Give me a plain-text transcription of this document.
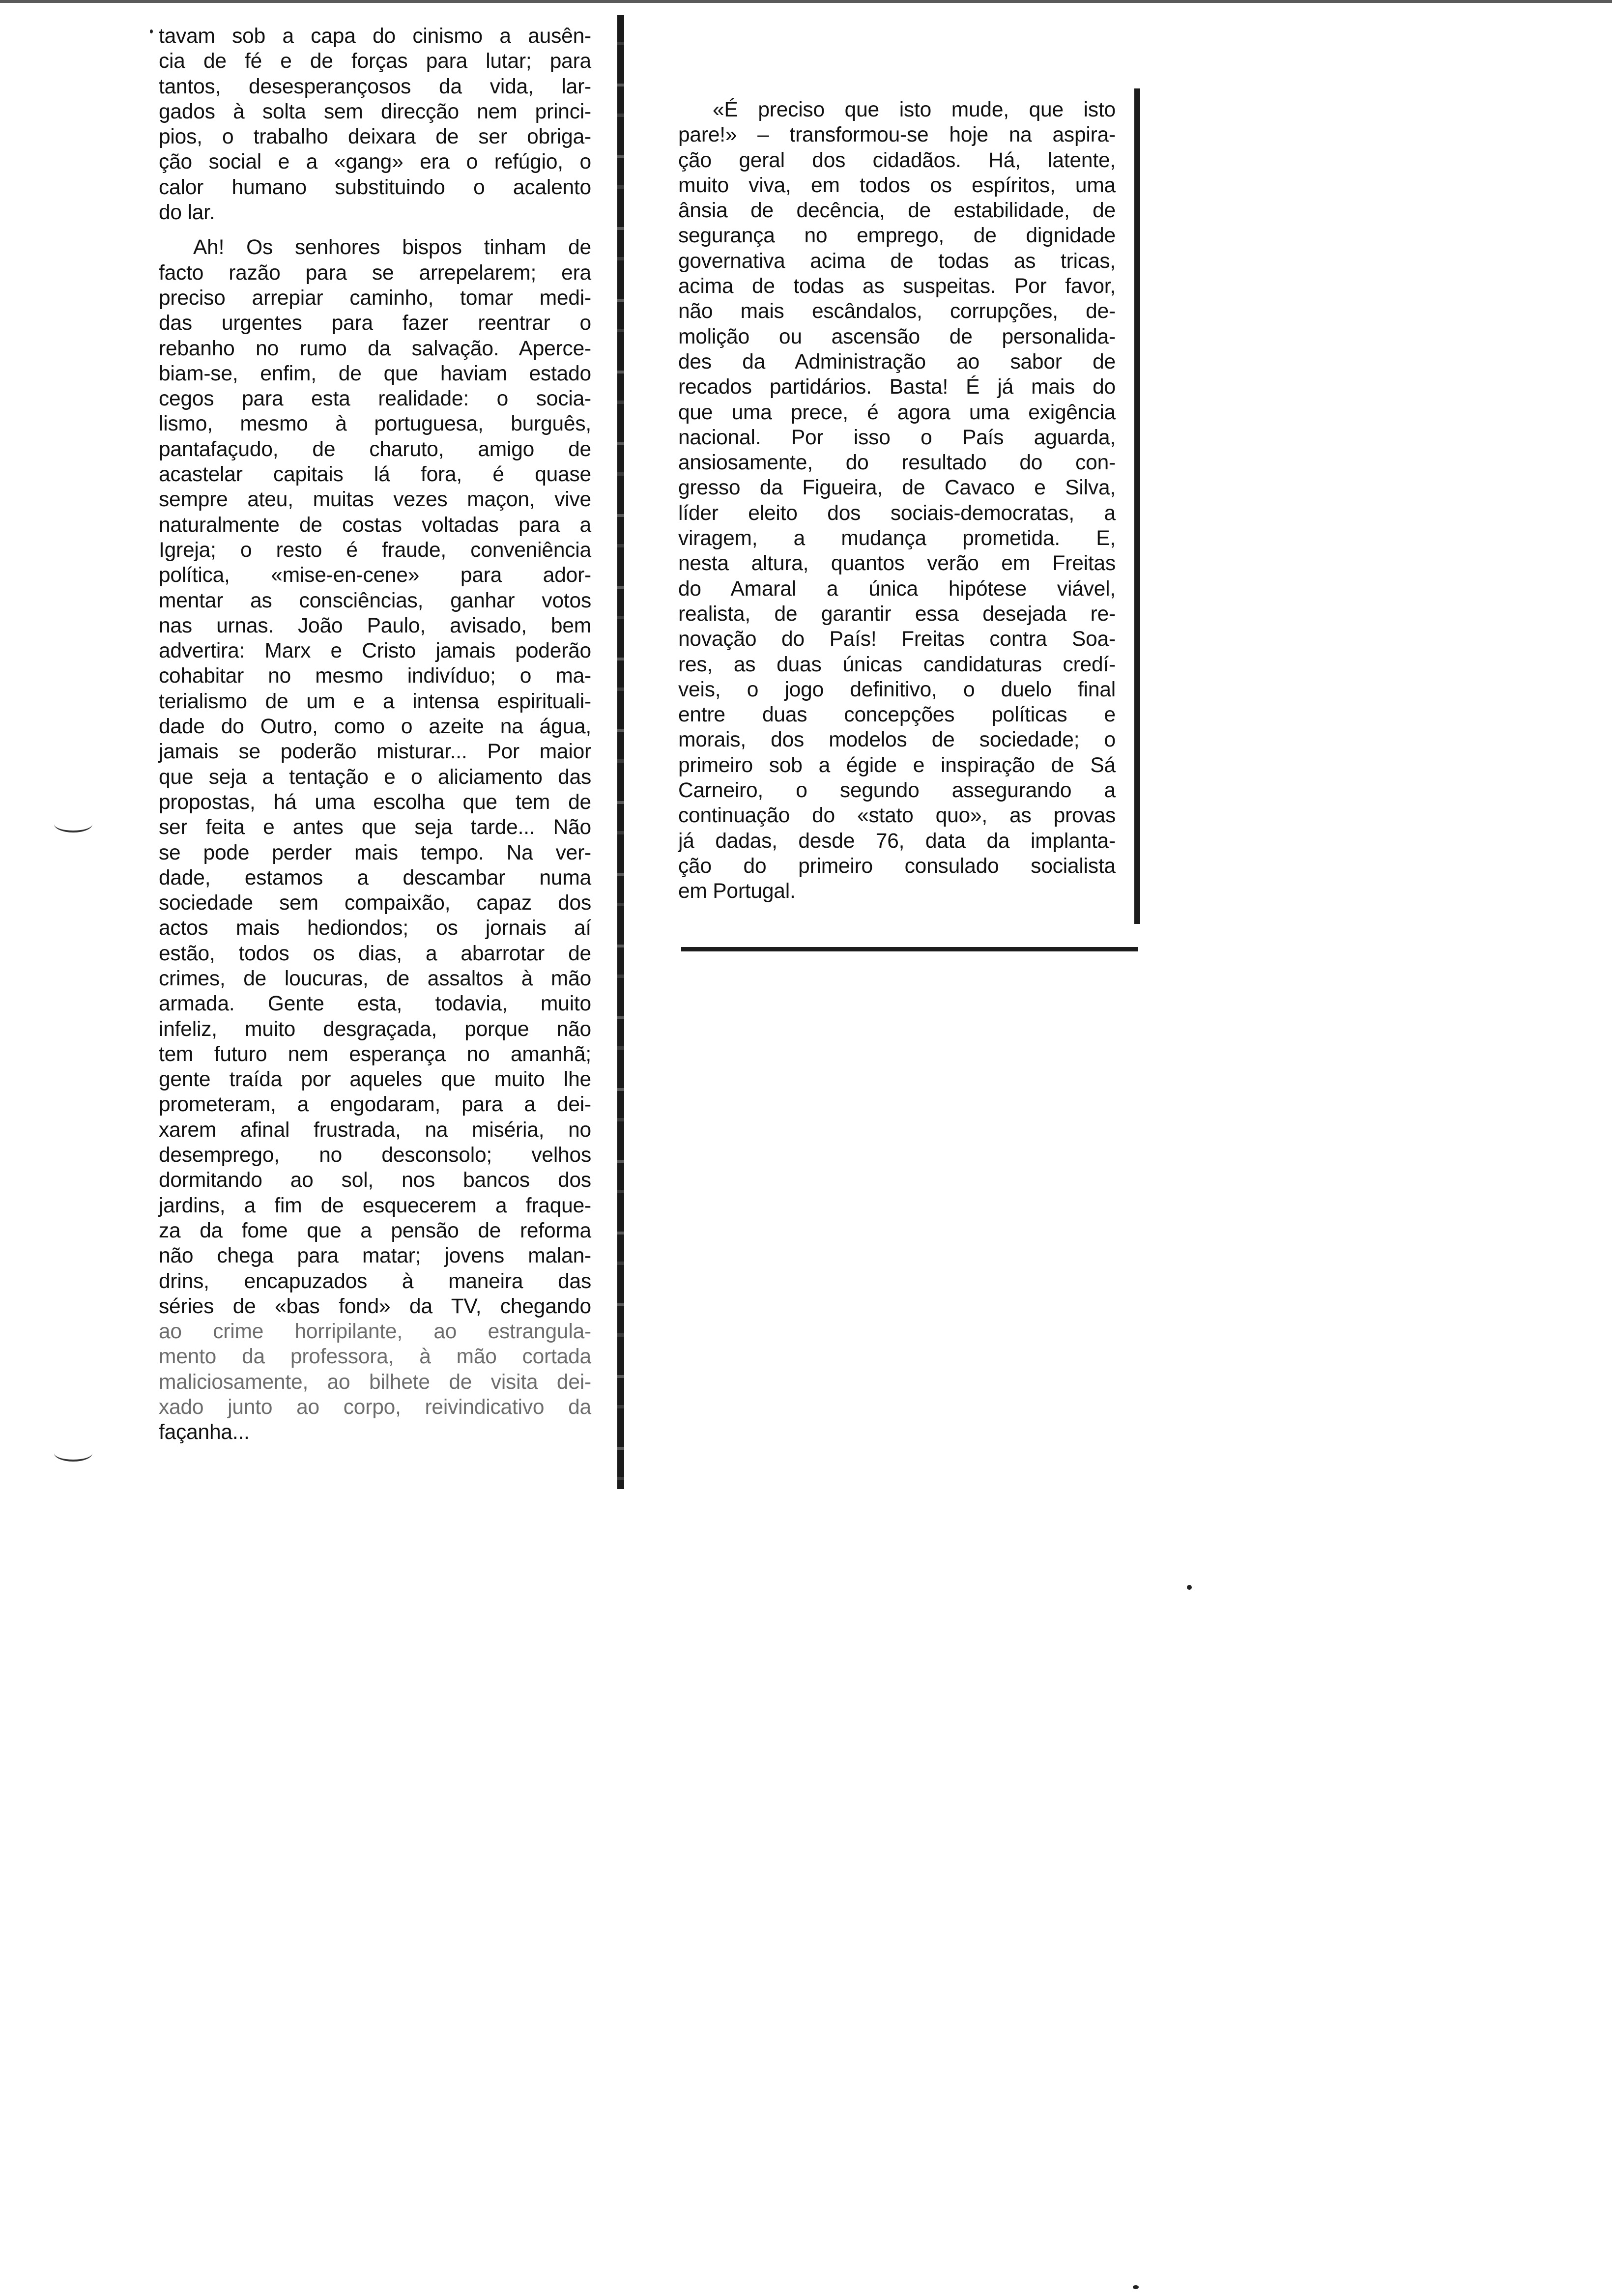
tavam sob a capa do cinismo a ausên-
cia de fé e de forças para lutar; para
tantos, desesperançosos da vida, lar-
gados à solta sem direcção nem princi-
pios, o trabalho deixara de ser obriga-
ção social e a «gang» era o refúgio, o
calor humano substituindo o acalento
do lar.
Ah! Os senhores bispos tinham de
facto razão para se arrepelarem; era
preciso arrepiar caminho, tomar medi-
das urgentes para fazer reentrar o
rebanho no rumo da salvação. Aperce-
biam-se, enfim, de que haviam estado
cegos para esta realidade: o socia-
lismo, mesmo à portuguesa, burguês,
pantafaçudo, de charuto, amigo de
acastelar capitais lá fora, é quase
sempre ateu, muitas vezes maçon, vive
naturalmente de costas voltadas para a
Igreja; o resto é fraude, conveniência
política, «mise-en-cene» para ador-
mentar as consciências, ganhar votos
nas urnas. João Paulo, avisado, bem
advertira: Marx e Cristo jamais poderão
cohabitar no mesmo indivíduo; o ma-
terialismo de um e a intensa espirituali-
dade do Outro, como o azeite na água,
jamais se poderão misturar... Por maior
que seja a tentação e o aliciamento das
propostas, há uma escolha que tem de
ser feita e antes que seja tarde... Não
se pode perder mais tempo. Na ver-
dade, estamos a descambar numa
sociedade sem compaixão, capaz dos
actos mais hediondos; os jornais aí
estão, todos os dias, a abarrotar de
crimes, de loucuras, de assaltos à mão
armada. Gente esta, todavia, muito
infeliz, muito desgraçada, porque não
tem futuro nem esperança no amanhã;
gente traída por aqueles que muito lhe
prometeram, a engodaram, para a dei-
xarem afinal frustrada, na miséria, no
desemprego, no desconsolo; velhos
dormitando ao sol, nos bancos dos
jardins, a fim de esquecerem a fraque-
za da fome que a pensão de reforma
não chega para matar; jovens malan-
drins, encapuzados à maneira das
séries de «bas fond» da TV, chegando
ao crime horripilante, ao estrangula-
mento da professora, à mão cortada
maliciosamente, ao bilhete de visita dei-
xado junto ao corpo, reivindicativo da
façanha...
«É preciso que isto mude, que isto
pare!» – transformou-se hoje na aspira-
ção geral dos cidadãos. Há, latente,
muito viva, em todos os espíritos, uma
ânsia de decência, de estabilidade, de
segurança no emprego, de dignidade
governativa acima de todas as tricas,
acima de todas as suspeitas. Por favor,
não mais escândalos, corrupções, de-
molição ou ascensão de personalida-
des da Administração ao sabor de
recados partidários. Basta! É já mais do
que uma prece, é agora uma exigência
nacional. Por isso o País aguarda,
ansiosamente, do resultado do con-
gresso da Figueira, de Cavaco e Silva,
líder eleito dos sociais-democratas, a
viragem, a mudança prometida. E,
nesta altura, quantos verão em Freitas
do Amaral a única hipótese viável,
realista, de garantir essa desejada re-
novação do País! Freitas contra Soa-
res, as duas únicas candidaturas credí-
veis, o jogo definitivo, o duelo final
entre duas concepções políticas e
morais, dos modelos de sociedade; o
primeiro sob a égide e inspiração de Sá
Carneiro, o segundo assegurando a
continuação do «stato quo», as provas
já dadas, desde 76, data da implanta-
ção do primeiro consulado socialista
em Portugal.
